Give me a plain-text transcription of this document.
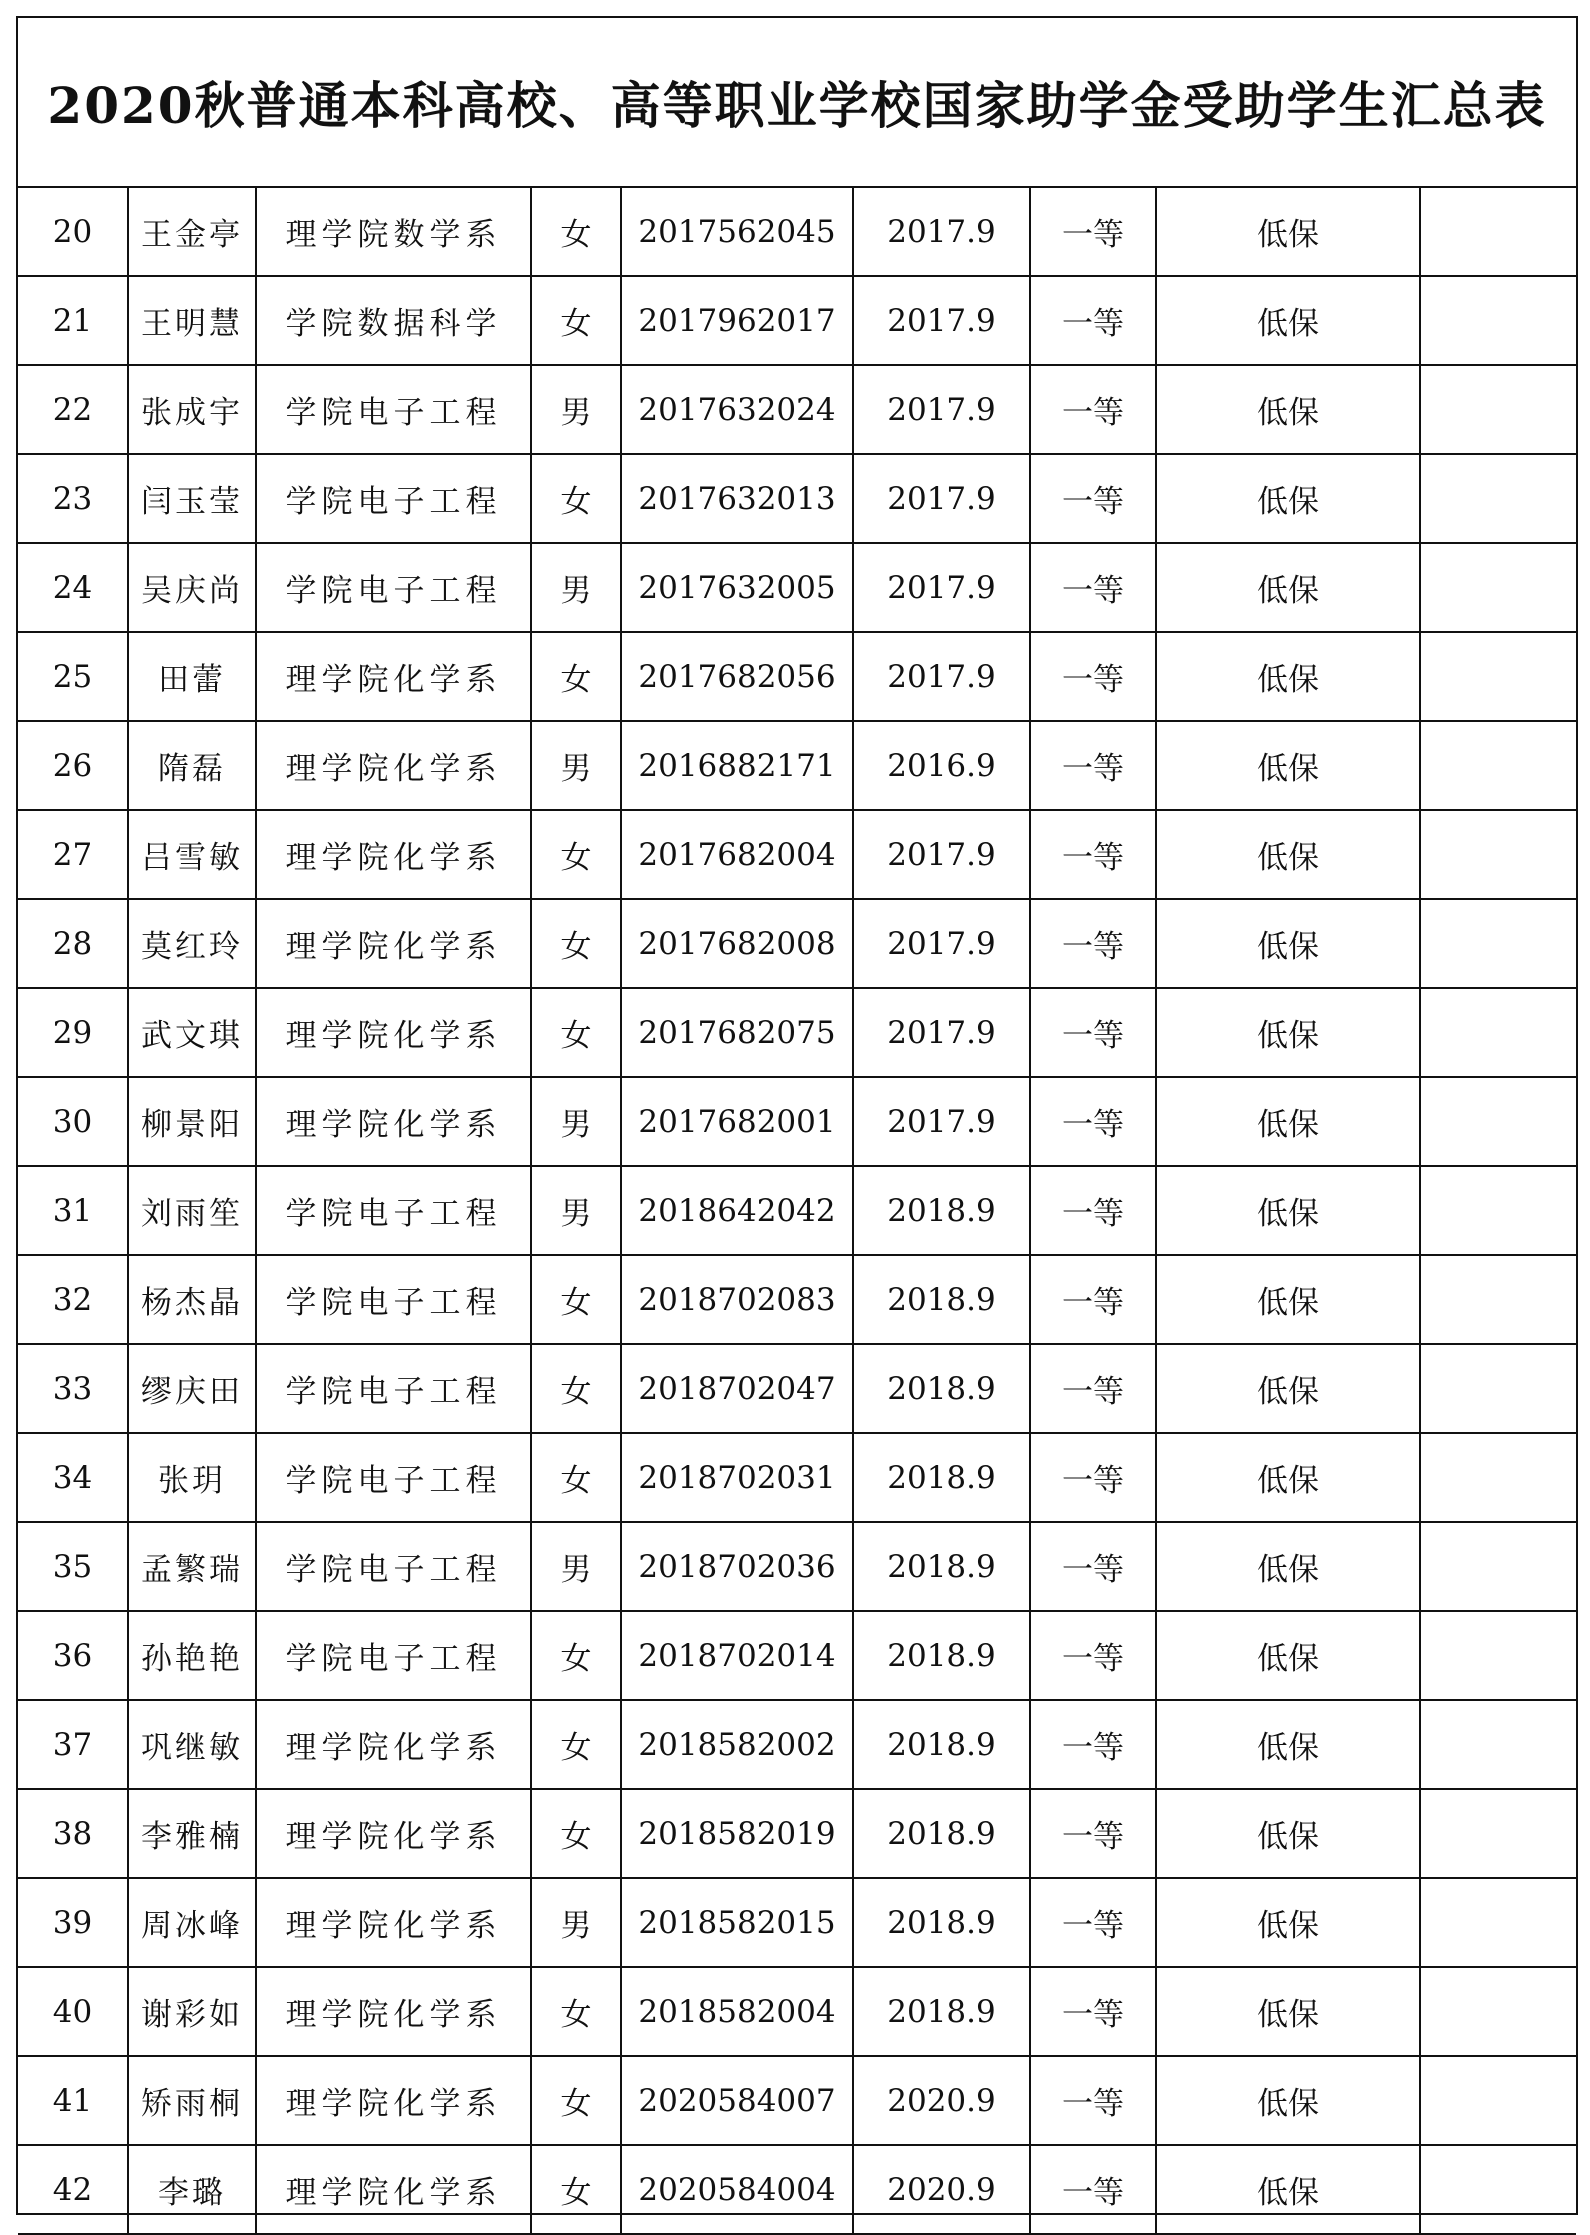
2020秋普通本科高校、高等职业学校国家助学金受助学生汇总表
20	王金亭	理学院数学系	女	2017562045	2017.9	一等	低保	
21	王明慧	学院数据科学	女	2017962017	2017.9	一等	低保	
22	张成宇	学院电子工程	男	2017632024	2017.9	一等	低保	
23	闫玉莹	学院电子工程	女	2017632013	2017.9	一等	低保	
24	吴庆尚	学院电子工程	男	2017632005	2017.9	一等	低保	
25	田蕾	理学院化学系	女	2017682056	2017.9	一等	低保	
26	隋磊	理学院化学系	男	2016882171	2016.9	一等	低保	
27	吕雪敏	理学院化学系	女	2017682004	2017.9	一等	低保	
28	莫红玲	理学院化学系	女	2017682008	2017.9	一等	低保	
29	武文琪	理学院化学系	女	2017682075	2017.9	一等	低保	
30	柳景阳	理学院化学系	男	2017682001	2017.9	一等	低保	
31	刘雨笙	学院电子工程	男	2018642042	2018.9	一等	低保	
32	杨杰晶	学院电子工程	女	2018702083	2018.9	一等	低保	
33	缪庆田	学院电子工程	女	2018702047	2018.9	一等	低保	
34	张玥	学院电子工程	女	2018702031	2018.9	一等	低保	
35	孟繁瑞	学院电子工程	男	2018702036	2018.9	一等	低保	
36	孙艳艳	学院电子工程	女	2018702014	2018.9	一等	低保	
37	巩继敏	理学院化学系	女	2018582002	2018.9	一等	低保	
38	李雅楠	理学院化学系	女	2018582019	2018.9	一等	低保	
39	周冰峰	理学院化学系	男	2018582015	2018.9	一等	低保	
40	谢彩如	理学院化学系	女	2018582004	2018.9	一等	低保	
41	矫雨桐	理学院化学系	女	2020584007	2020.9	一等	低保	
42	李璐	理学院化学系	女	2020584004	2020.9	一等	低保	
